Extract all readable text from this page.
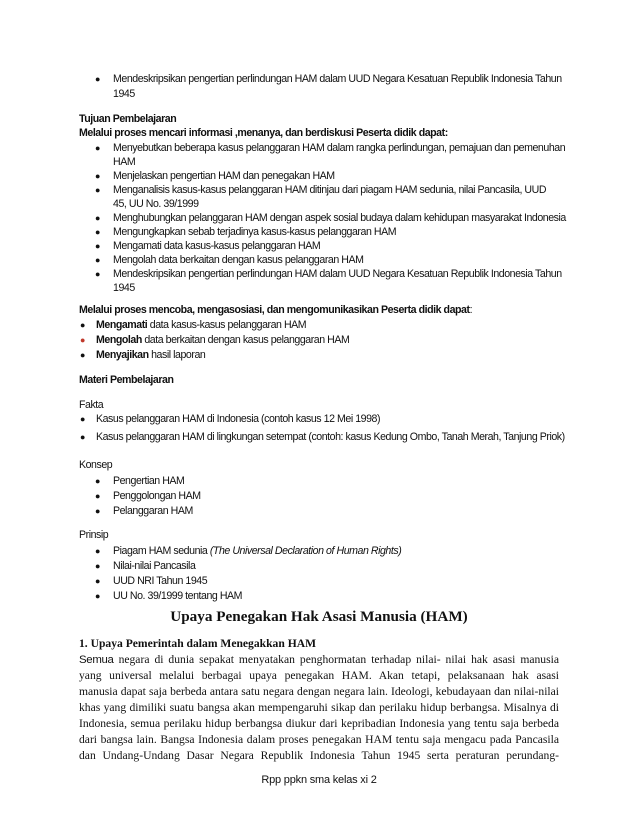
● Mendeskripsikan pengertian perlindungan HAM dalam UUD Negara Kesatuan Republik Indonesia Tahun
1945
Tujuan Pembelajaran
Melalui proses mencari informasi ,menanya, dan berdiskusi Peserta didik dapat:
● Menyebutkan beberapa kasus pelanggaran HAM dalam rangka perlindungan, pemajuan dan pemenuhan
HAM
● Menjelaskan pengertian HAM dan penegakan HAM
● Menganalisis kasus-kasus pelanggaran HAM ditinjau dari piagam HAM sedunia, nilai Pancasila, UUD
45, UU No. 39/1999
● Menghubungkan pelanggaran HAM dengan aspek sosial budaya dalam kehidupan masyarakat Indonesia
● Mengungkapkan sebab terjadinya kasus-kasus pelanggaran HAM
● Mengamati data kasus-kasus pelanggaran HAM
● Mengolah data berkaitan dengan kasus pelanggaran HAM
● Mendeskripsikan pengertian perlindungan HAM dalam UUD Negara Kesatuan Republik Indonesia Tahun
1945
Melalui proses mencoba, mengasosiasi, dan mengomunikasikan Peserta didik dapat:
● Mengamati data kasus-kasus pelanggaran HAM
● Mengolah data berkaitan dengan kasus pelanggaran HAM
● Menyajikan hasil laporan
Materi Pembelajaran
Fakta
● Kasus pelanggaran HAM di Indonesia (contoh kasus 12 Mei 1998)
● Kasus pelanggaran HAM di lingkungan setempat (contoh: kasus Kedung Ombo, Tanah Merah, Tanjung Priok)
Konsep
● Pengertian HAM
● Penggolongan HAM
● Pelanggaran HAM
Prinsip
● Piagam HAM sedunia (The Universal Declaration of Human Rights)
● Nilai-nilai Pancasila
● UUD NRI Tahun 1945
● UU No. 39/1999 tentang HAM
Upaya Penegakan Hak Asasi Manusia (HAM)
1. Upaya Pemerintah dalam Menegakkan HAM
Semua negara di dunia sepakat menyatakan penghormatan terhadap nilai- nilai hak asasi manusia
yang universal melalui berbagai upaya penegakan HAM. Akan tetapi, pelaksanaan hak asasi
manusia dapat saja berbeda antara satu negara dengan negara lain. Ideologi, kebudayaan dan nilai-nilai
khas yang dimiliki suatu bangsa akan mempengaruhi sikap dan perilaku hidup berbangsa. Misalnya di
Indonesia, semua perilaku hidup berbangsa diukur dari kepribadian Indonesia yang tentu saja berbeda
dari bangsa lain. Bangsa Indonesia dalam proses penegakan HAM tentu saja mengacu pada Pancasila
dan Undang-Undang Dasar Negara Republik Indonesia Tahun 1945 serta peraturan perundang-
Rpp ppkn sma kelas xi 2
